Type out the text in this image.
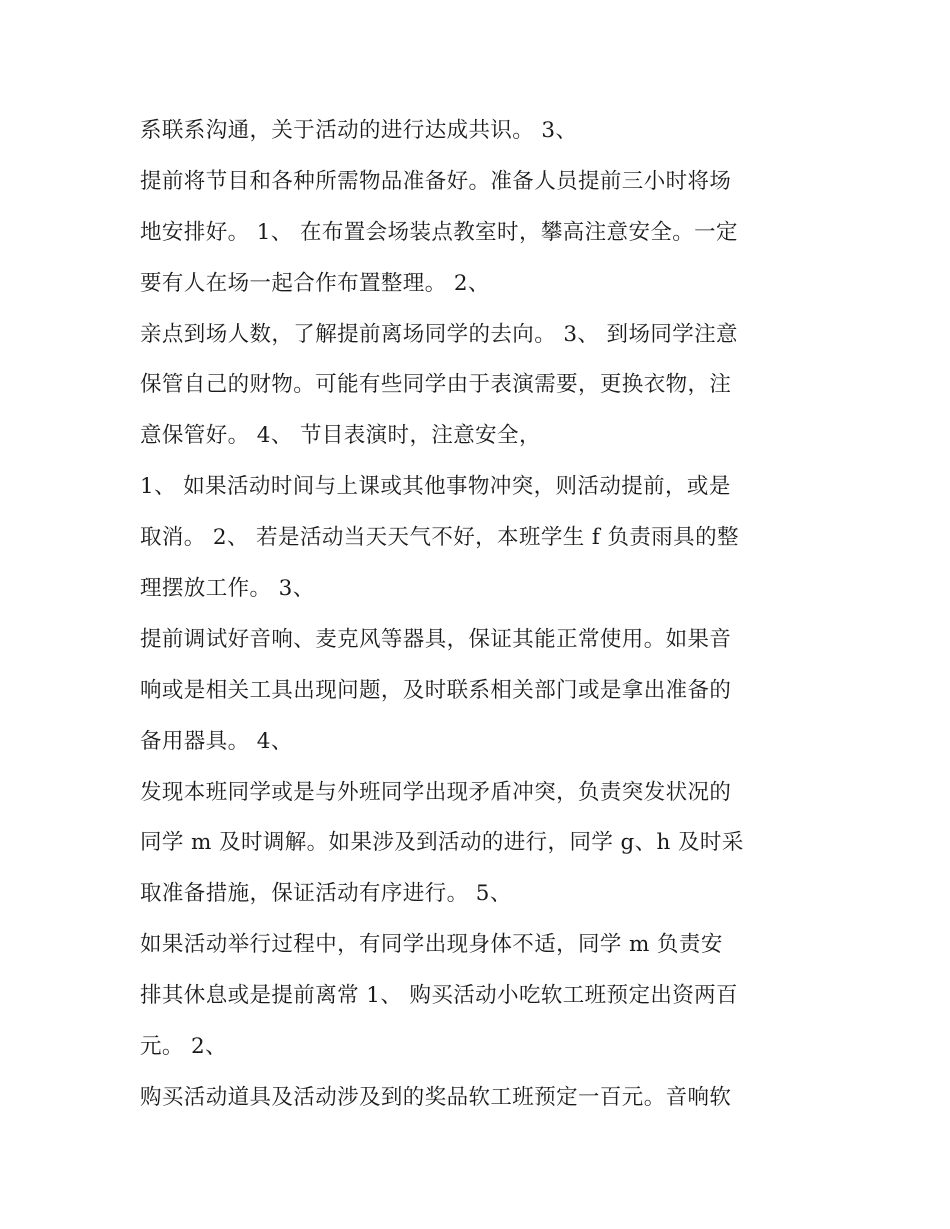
系联系沟通，关于活动的进行达成共识。 3、
提前将节目和各种所需物品准备好。准备人员提前三小时将场
地安排好。 1、 在布置会场装点教室时，攀高注意安全。一定
要有人在场一起合作布置整理。 2、
亲点到场人数，了解提前离场同学的去向。 3、 到场同学注意
保管自己的财物。可能有些同学由于表演需要，更换衣物，注
意保管好。 4、 节目表演时，注意安全，
1、 如果活动时间与上课或其他事物冲突，则活动提前，或是
取消。 2、 若是活动当天天气不好，本班学生 f 负责雨具的整
理摆放工作。 3、
提前调试好音响、麦克风等器具，保证其能正常使用。如果音
响或是相关工具出现问题，及时联系相关部门或是拿出准备的
备用器具。 4、
发现本班同学或是与外班同学出现矛盾冲突，负责突发状况的
同学 m 及时调解。如果涉及到活动的进行，同学 g、h 及时采
取准备措施，保证活动有序进行。 5、
如果活动举行过程中，有同学出现身体不适，同学 m 负责安
排其休息或是提前离常 1、 购买活动小吃软工班预定出资两百
元。 2、
购买活动道具及活动涉及到的奖品软工班预定一百元。音响软
